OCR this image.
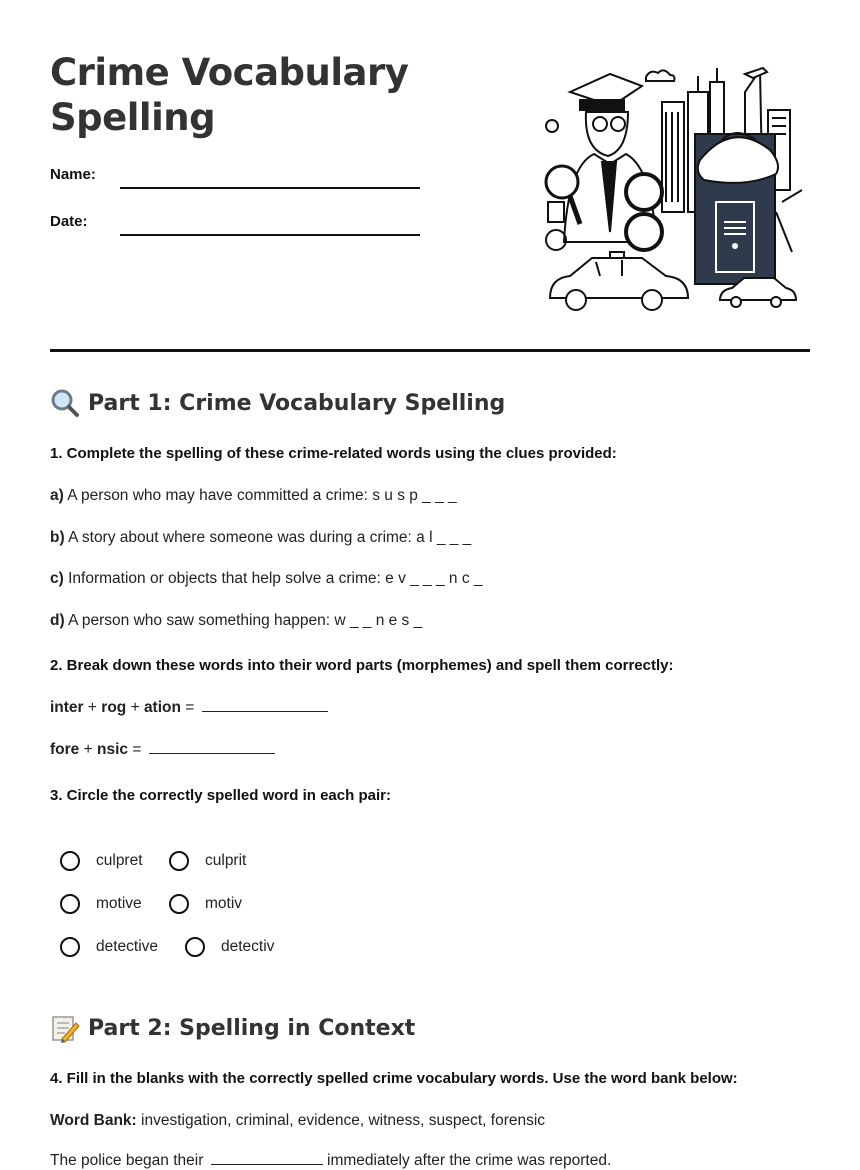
Crime Vocabulary
Spelling
Name:
Date:
Part 1: Crime Vocabulary Spelling
1. Complete the spelling of these crime-related words using the clues provided:
a) A person who may have committed a crime: s u s p _ _ _
b) A story about where someone was during a crime: a l _ _ _
c) Information or objects that help solve a crime: e v _ _ _ n c _
d) A person who saw something happen: w _ _ n e s _
2. Break down these words into their word parts (morphemes) and spell them correctly:
inter + rog + ation =
fore + nsic =
3. Circle the correctly spelled word in each pair:
culpret	culprit
motive	motiv
detective	detectiv
Part 2: Spelling in Context
4. Fill in the blanks with the correctly spelled crime vocabulary words. Use the word bank below:
Word Bank: investigation, criminal, evidence, witness, suspect, forensic
The police began their	immediately after the crime was reported.
